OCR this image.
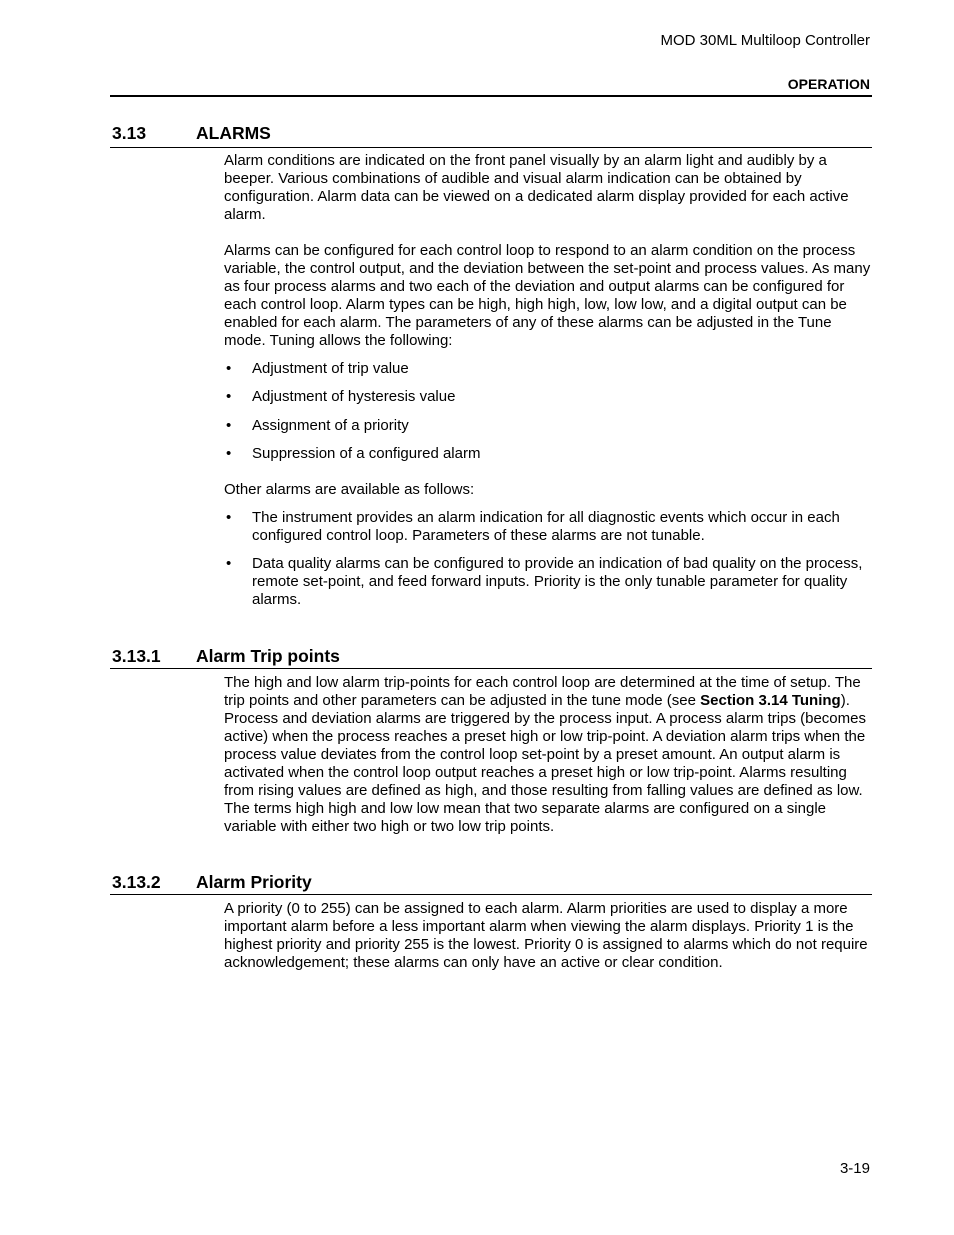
MOD 30ML Multiloop Controller
OPERATION
3.13	ALARMS

Alarm conditions are indicated on the front panel visually by an alarm light and audibly by a beeper. Various combinations of audible and visual alarm indication can be obtained by configuration. Alarm data can be viewed on a dedicated alarm display provided for each active alarm.

Alarms can be configured for each control loop to respond to an alarm condition on the process variable, the control output, and the deviation between the set-point and process values. As many as four process alarms and two each of the deviation and output alarms can be configured for each control loop. Alarm types can be high, high high, low, low low, and a digital output can be enabled for each alarm. The parameters of any of these alarms can be adjusted in the Tune mode. Tuning allows the following:

• Adjustment of trip value

• Adjustment of hysteresis value

• Assignment of a priority

• Suppression of a configured alarm

Other alarms are available as follows:

• The instrument provides an alarm indication for all diagnostic events which occur in each configured control loop. Parameters of these alarms are not tunable.

• Data quality alarms can be configured to provide an indication of bad quality on the process, remote set-point, and feed forward inputs. Priority is the only tunable parameter for quality alarms.

3.13.1 Alarm Trip points

The high and low alarm trip-points for each control loop are determined at the time of setup. The trip points and other parameters can be adjusted in the tune mode (see Section 3.14 Tuning). Process and deviation alarms are triggered by the process input. A process alarm trips (becomes active) when the process reaches a preset high or low trip-point. A deviation alarm trips when the process value deviates from the control loop set-point by a preset amount. An output alarm is activated when the control loop output reaches a preset high or low trip-point. Alarms resulting from rising values are defined as high, and those resulting from falling values are defined as low. The terms high high and low low mean that two separate alarms are configured on a single variable with either two high or two low trip points.

3.13.2 Alarm Priority

A priority (0 to 255) can be assigned to each alarm. Alarm priorities are used to display a more important alarm before a less important alarm when viewing the alarm displays. Priority 1 is the highest priority and priority 255 is the lowest. Priority 0 is assigned to alarms which do not require acknowledgement; these alarms can only have an active or clear condition.

3-19
